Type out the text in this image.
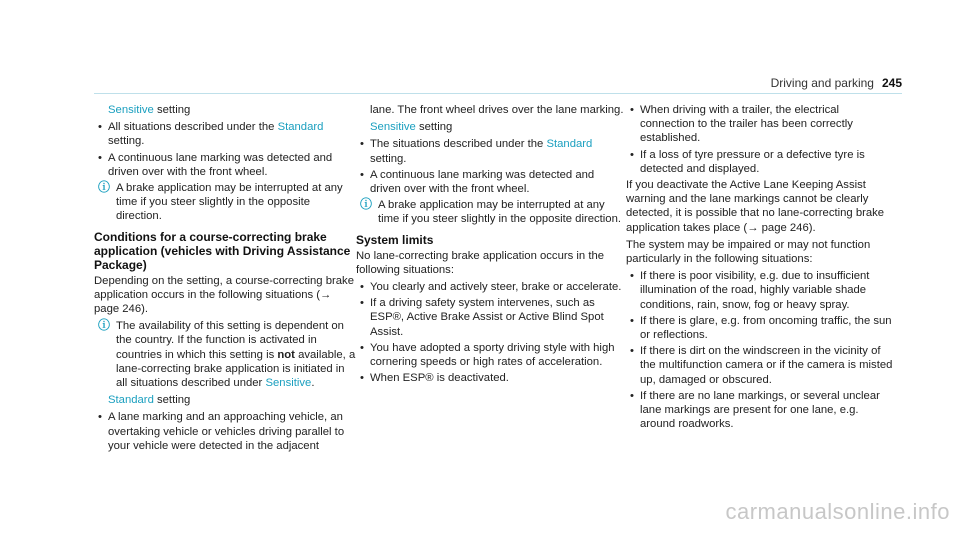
Driving and parking 245

Sensitive setting

• All situations described under the Standard setting.
• A continuous lane marking was detected and driven over with the front wheel.
ⓘ A brake application may be interrupted at any time if you steer slightly in the opposite direction.
Conditions for a course-correcting brake application (vehicles with Driving Assistance Package)

Depending on the setting, a course-correcting brake application occurs in the following situations (→ page 246).

ⓘ The availability of this setting is dependent on the country. If the function is activated in countries in which this setting is not available, a lane-correcting brake application is initiated in all situations described under Sensitive.

Standard setting

• A lane marking and an approaching vehicle, an overtaking vehicle or vehicles driving parallel to your vehicle were detected in the adjacent

lane. The front wheel drives over the lane marking.

Sensitive setting

• The situations described under the Standard setting.
• A continuous lane marking was detected and driven over with the front wheel.
ⓘ A brake application may be interrupted at any time if you steer slightly in the opposite direction.
System limits

No lane-correcting brake application occurs in the following situations:

• You clearly and actively steer, brake or accelerate.
• If a driving safety system intervenes, such as ESP®, Active Brake Assist or Active Blind Spot Assist.
• You have adopted a sporty driving style with high cornering speeds or high rates of acceleration.
• When ESP® is deactivated.
• When driving with a trailer, the electrical connection to the trailer has been correctly established.
• If a loss of tyre pressure or a defective tyre is detected and displayed.

If you deactivate the Active Lane Keeping Assist warning and the lane markings cannot be clearly detected, it is possible that no lane-correcting brake application takes place (→ page 246).

The system may be impaired or may not function particularly in the following situations:

• If there is poor visibility, e.g. due to insufficient illumination of the road, highly variable shade conditions, rain, snow, fog or heavy spray.
• If there is glare, e.g. from oncoming traffic, the sun or reflections.
• If there is dirt on the windscreen in the vicinity of the multifunction camera or if the camera is misted up, damaged or obscured.
• If there are no lane markings, or several unclear lane markings are present for one lane, e.g. around roadworks.
carmanualsonline.info
